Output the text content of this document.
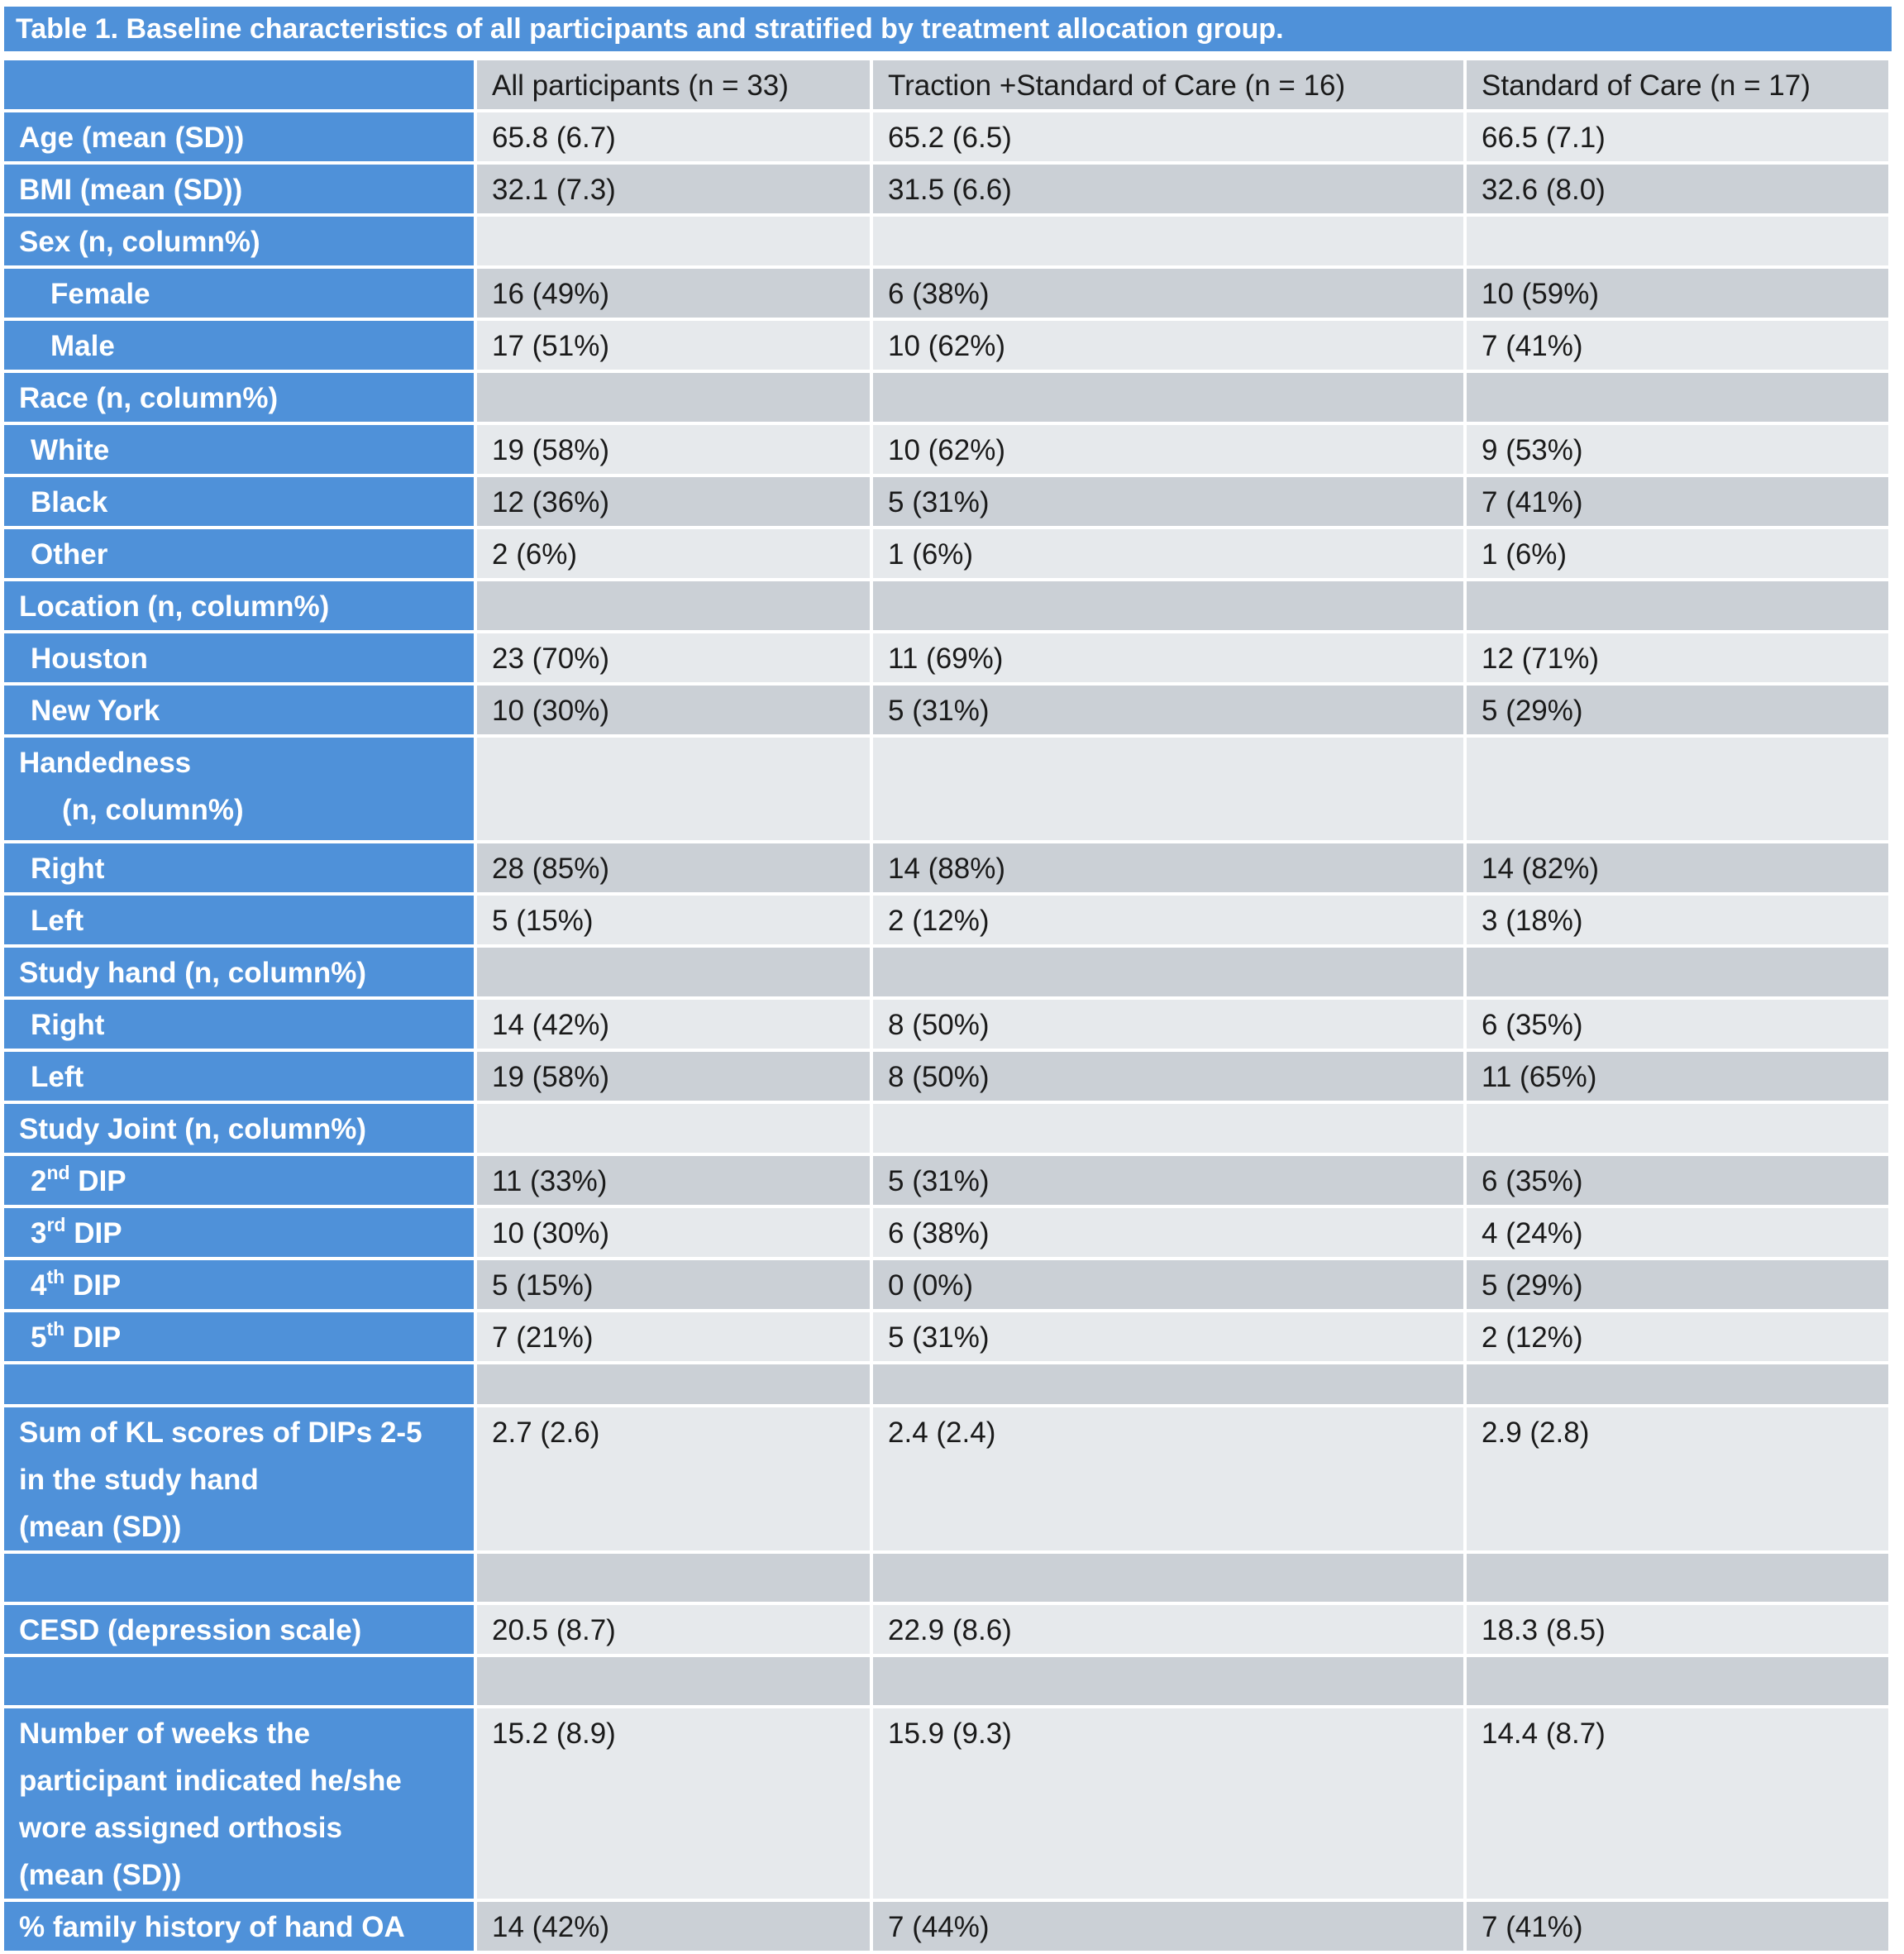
Table 1. Baseline characteristics of all participants and stratified by treatment allocation group.
	All participants (n = 33)	Traction +Standard of Care (n = 16)	Standard of Care (n = 17)
Age (mean (SD))	65.8 (6.7)	65.2 (6.5)	66.5 (7.1)
BMI (mean (SD))	32.1 (7.3)	31.5 (6.6)	32.6 (8.0)
Sex (n, column%)			
Female	16 (49%)	6 (38%)	10 (59%)
Male	17 (51%)	10 (62%)	7 (41%)
Race (n, column%)			
White	19 (58%)	10 (62%)	9 (53%)
Black	12 (36%)	5 (31%)	7 (41%)
Other	2 (6%)	1 (6%)	1 (6%)
Location (n, column%)			
Houston	23 (70%)	11 (69%)	12 (71%)
New York	10 (30%)	5 (31%)	5 (29%)

Handedness
(n, column%)			

Right	28 (85%)	14 (88%)	14 (82%)
Left	5 (15%)	2 (12%)	3 (18%)
Study hand (n, column%)			
Right	14 (42%)	8 (50%)	6 (35%)
Left	19 (58%)	8 (50%)	11 (65%)
Study Joint (n, column%)			
2nd DIP	11 (33%)	5 (31%)	6 (35%)
3rd DIP	10 (30%)	6 (38%)	4 (24%)
4th DIP	5 (15%)	0 (0%)	5 (29%)
5th DIP	7 (21%)	5 (31%)	2 (12%)

Sum of KL scores of DIPs 2-5
in the study hand
(mean (SD))	2.7 (2.6)	2.4 (2.4)	2.9 (2.8)

CESD (depression scale)	20.5 (8.7)	22.9 (8.6)	18.3 (8.5)

Number of weeks the
participant indicated he/she
wore assigned orthosis
(mean (SD))	15.2 (8.9)	15.9 (9.3)	14.4 (8.7)
% family history of hand OA	14 (42%)	7 (44%)	7 (41%)
